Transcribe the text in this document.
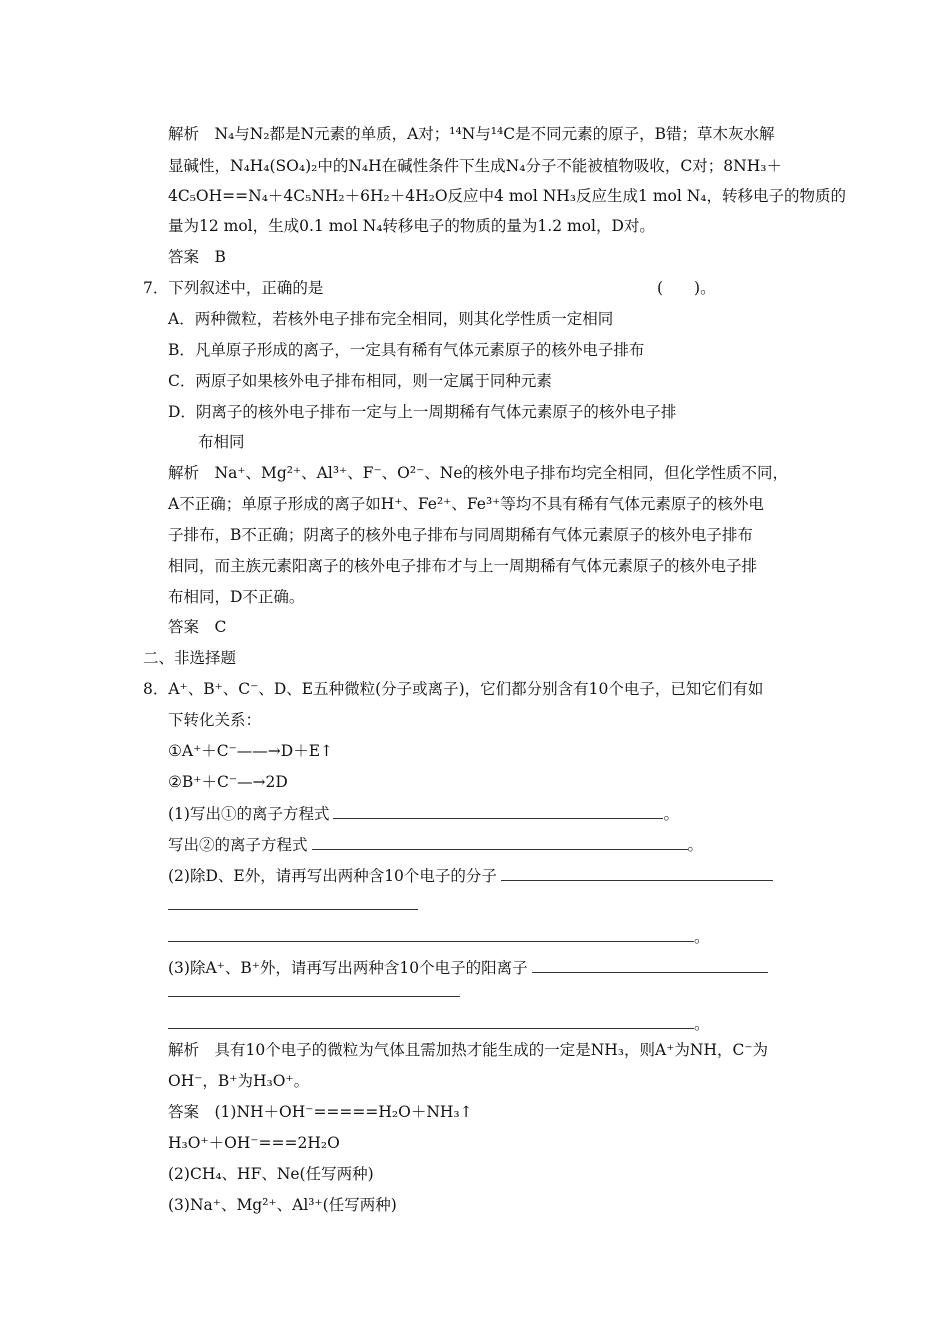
解析　N₄与N₂都是N元素的单质，A对；¹⁴N与¹⁴C是不同元素的原子，B错；草木灰水解
显碱性，N₄H₄(SO₄)₂中的N₄H在碱性条件下生成N₄分子不能被植物吸收，C对；8NH₃＋
4C₅OH==N₄＋4C₅NH₂＋6H₂＋4H₂O反应中4 mol NH₃反应生成1 mol N₄，转移电子的物质的
量为12 mol，生成0.1 mol N₄转移电子的物质的量为1.2 mol，D对。
答案　B
7．下列叙述中，正确的是	(　　)。
A．两种微粒，若核外电子排布完全相同，则其化学性质一定相同
B．凡单原子形成的离子，一定具有稀有气体元素原子的核外电子排布
C．两原子如果核外电子排布相同，则一定属于同种元素
D．阴离子的核外电子排布一定与上一周期稀有气体元素原子的核外电子排
布相同
解析　Na⁺、Mg²⁺、Al³⁺、F⁻、O²⁻、Ne的核外电子排布均完全相同，但化学性质不同，
A不正确；单原子形成的离子如H⁺、Fe²⁺、Fe³⁺等均不具有稀有气体元素原子的核外电
子排布，B不正确；阴离子的核外电子排布与同周期稀有气体元素原子的核外电子排布
相同，而主族元素阳离子的核外电子排布才与上一周期稀有气体元素原子的核外电子排
布相同，D不正确。
答案　C
二、非选择题
8．A⁺、B⁺、C⁻、D、E五种微粒(分子或离子)，它们都分别含有10个电子，已知它们有如
下转化关系：
①A⁺＋C⁻——→D＋E↑
②B⁺＋C⁻—→2D
(1)写出①的离子方程式	。
写出②的离子方程式	。
(2)除D、E外，请再写出两种含10个电子的分子
。
(3)除A⁺、B⁺外，请再写出两种含10个电子的阳离子
。
解析　具有10个电子的微粒为气体且需加热才能生成的一定是NH₃，则A⁺为NH，C⁻为
OH⁻，B⁺为H₃O⁺。
答案　(1)NH＋OH⁻=====H₂O＋NH₃↑
H₃O⁺＋OH⁻===2H₂O
(2)CH₄、HF、Ne(任写两种)
(3)Na⁺、Mg²⁺、Al³⁺(任写两种)
